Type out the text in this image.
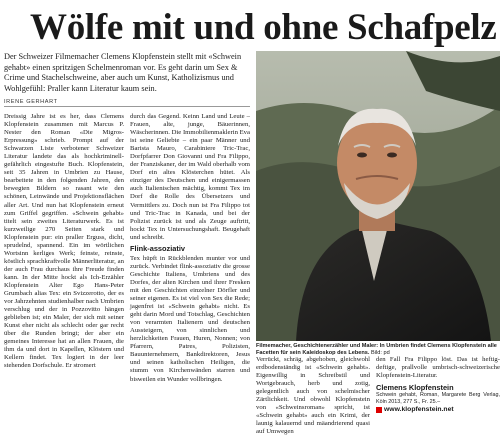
Wölfe mit und ohne Schafpelz

Der Schweizer Filmemacher Clemens Klopfenstein stellt mit «Schwein gehabt» einen spritzigen Schelmenroman vor. Es geht darin um Sex & Crime und Stachelschweine, aber auch um Kunst, Katholizismus und Wohlgefühl: Praller kann Literatur kaum sein.

IRENE GERHART

Dreissig Jahre ist es her, dass Clemens Klopfenstein zusammen mit Marcus P. Nester den Roman «Die Migros-Erpressung» schrieb. Prompt auf der Schwarzen Liste verbotener Schweizer Literatur landete das als hochkriminell-gefährlich eingestufte Buch. Klopfenstein, seit 35 Jahren in Umbrien zu Hause, bearbeitete in den folgenden Jahren, den bewegten Bildern so rasant wie den schönen, Leinwände und Projektionsflächen aller Art. Und nun hat Klopfenstein erneut zum Griffel gegriffen. «Schwein gehabt» titelt sein zweites Literaturwerk. Es ist kurzweilige 270 Seiten stark und Klopfenstein pur: ein praller Erguss, dicht, sprudelnd, spannend. Ein im wörtlichen Wortsinn kerliges Werk; feinste, reinste, köstlich sprachkraftvolle Männerliteratur, an der auch Frau durchaus ihre Freude finden kann. In der Mitte hockt als Ich-Erzähler Klopfenstein Alter Ego Hans-Peter Grumbach alias Tex: ein Svizzerotto, der es vor Jahrzehnten studienhalber nach Umbrien verschlug und der in Pozzovitto hängen geblieben ist; ein Maler, der sich mit seiner Kunst eher nicht als schlecht oder gar recht über die Runden bringt; der aber ein gemeines Interesse hat an allen Frauen, die ihm da und dort in Kapellen, Klöstern und Kellern findet. Tex logiert in der leer stehenden Dorfschule. Er stromert

durch das Gegend. Keinn Land und Leute – Frauen, alte, junge, Bäuerinnen, Wäscherinnen. Die Immobilienmaklerin Eva ist seine Geliebte – ein paar Männer und Barista Mauro, Carabiniere Tric-Trac, Dorfpfarrer Don Giovanni und Fra Filippo, der Franziskaner, der im Wald oberhalb vom Dorf ein altes Klösterchen hütet. Als einziger des Deutschen und einigermassen auch Italienischen mächtig, kommt Tex im Dorf die Rolle des Übersetzers und Vermittlers zu. Doch nun ist Fra Filippo tot und Tric-Trac in Kanada, und bei der Polizist zurück ist und als Zeuge auftritt, hockt Tex in Untersuchungshaft. Beugehaft und schreibt.

Flink-assoziativ

Tex hüpft in Rückblenden munter vor und zurück. Verbindet flink-assoziativ die grosse Geschichte Italiens, Umbriens und des Dorfes, der alten Kirchen und ihrer Fresken mit den Geschichten einzelner Dörfler und seiner eigenen. Es ist viel von Sex die Rede; jagenfrei ist «Schwein gehabt» nicht. Es geht darin Mord und Totschlag, Geschichten von verarmten Italienern und deutschen Aussteigern, von sinnlichen und herzlichkeiten Frauen, Huren, Nonnen; von Pfarrern, Patres, Polizisten, Bauunternehmern, Bankdirektoren, Jesus und seinen katholischen Heiligen, die stumm von Kirchenwänden starren und bisweilen ein Wunder vollbringen.

Filmemacher, Geschichtenerzähler und Maler: In Umbrien findet Clemens Klopfenstein alle Facetten für sein Kaleidoskop des Lebens. Bild: pd

Verrückt, schräg, abgehoben, gleichwohl erdbodenständig ist «Schwein gehabt». Eigenwillig in Schreibstil und Wortgebrauch, herb und zotig, gelegentlich auch von schelmischer Zärtlichkeit. Und obwohl Klopfenstein von «Schweinsroman» spricht, ist «Schwein gehabt» auch ein Krimi, der launig kalauernd und mäandrierend quasi auf Umwegen

den Fall Fra Filippo löst. Das ist heftig-deftige, prallvolle umbrisch-schweizerische Klopfenstein-Literatur.

Clemens Klopfenstein
Schwein gehabt, Roman, Margarete Berg Verlag, Köln 2013, 277 S., Fr. 25.–
www.klopfenstein.net
